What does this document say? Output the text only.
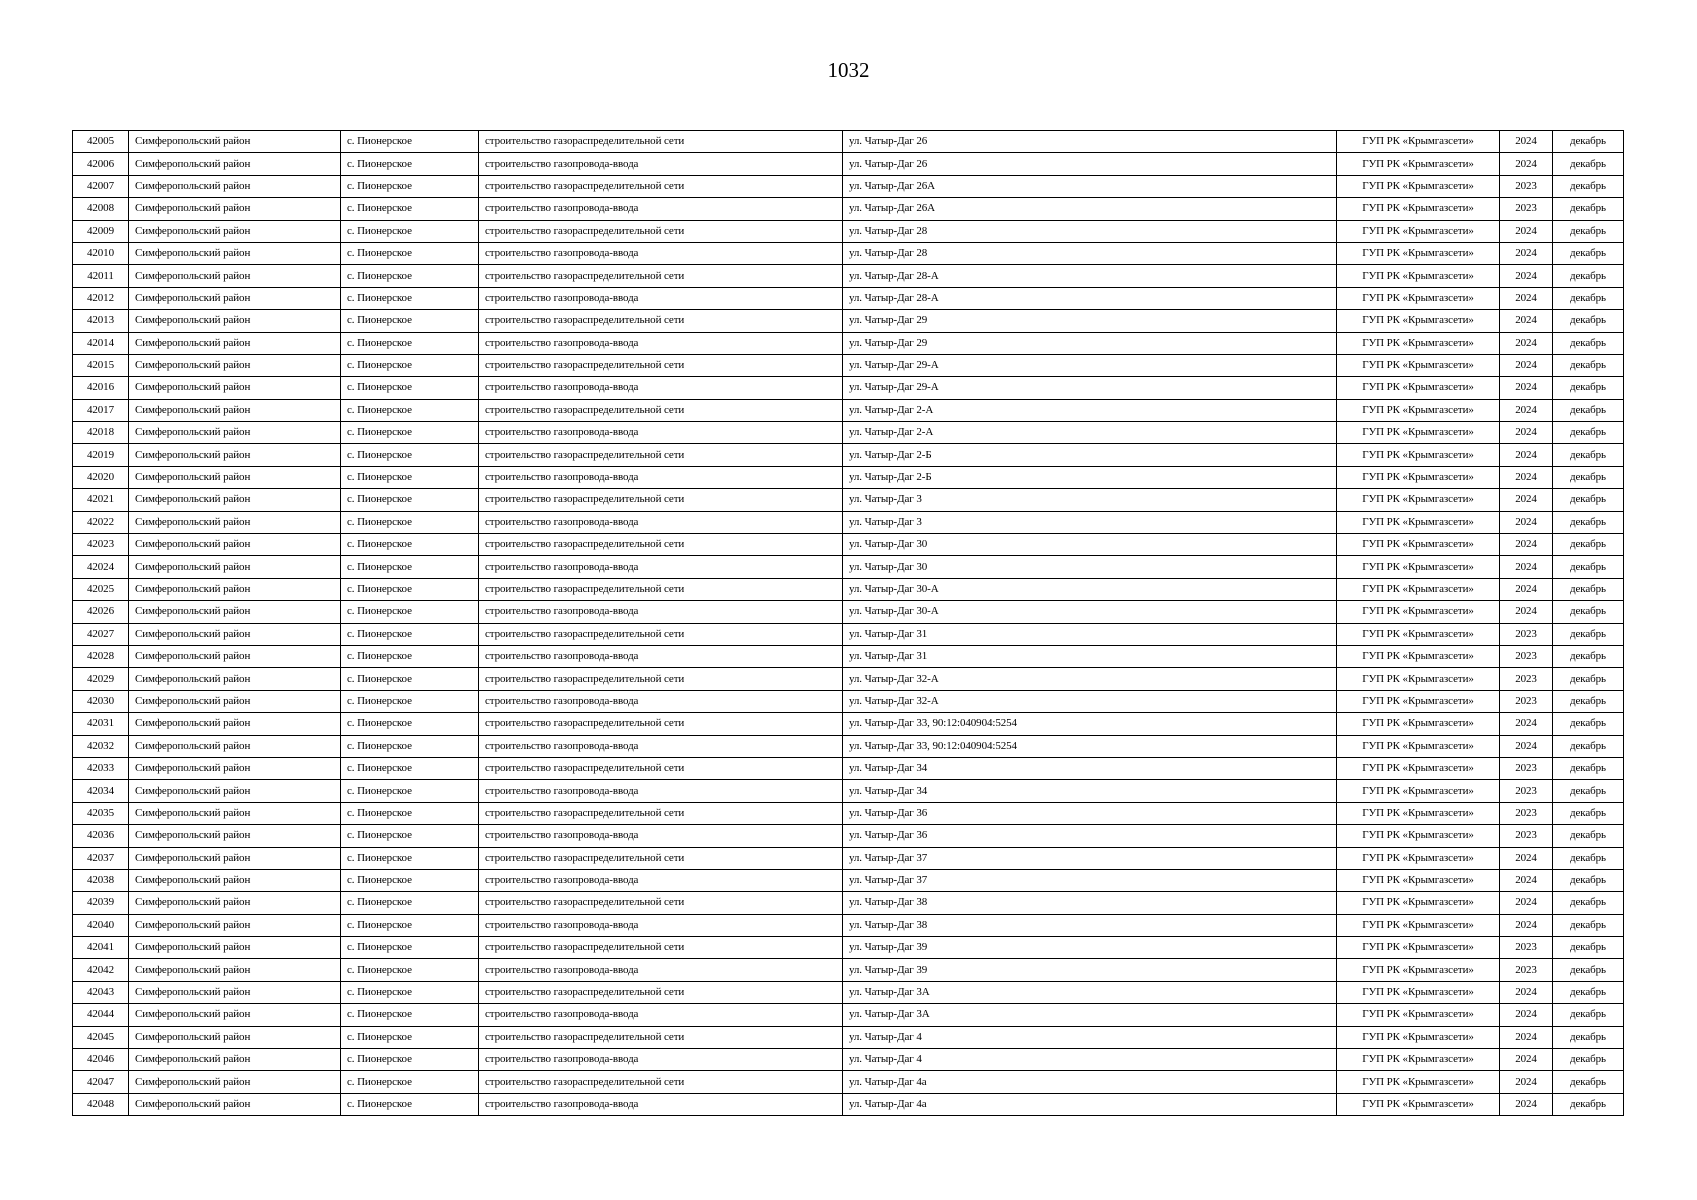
1032
42005	Симферопольский район	с. Пионерское	строительство газораспределительной сети	ул. Чатыр-Даг 26	ГУП РК «Крымгазсети»	2024	декабрь
42006	Симферопольский район	с. Пионерское	строительство газопровода-ввода	ул. Чатыр-Даг 26	ГУП РК «Крымгазсети»	2024	декабрь
42007	Симферопольский район	с. Пионерское	строительство газораспределительной сети	ул. Чатыр-Даг 26А	ГУП РК «Крымгазсети»	2023	декабрь
42008	Симферопольский район	с. Пионерское	строительство газопровода-ввода	ул. Чатыр-Даг 26А	ГУП РК «Крымгазсети»	2023	декабрь
42009	Симферопольский район	с. Пионерское	строительство газораспределительной сети	ул. Чатыр-Даг 28	ГУП РК «Крымгазсети»	2024	декабрь
42010	Симферопольский район	с. Пионерское	строительство газопровода-ввода	ул. Чатыр-Даг 28	ГУП РК «Крымгазсети»	2024	декабрь
42011	Симферопольский район	с. Пионерское	строительство газораспределительной сети	ул. Чатыр-Даг 28-А	ГУП РК «Крымгазсети»	2024	декабрь
42012	Симферопольский район	с. Пионерское	строительство газопровода-ввода	ул. Чатыр-Даг 28-А	ГУП РК «Крымгазсети»	2024	декабрь
42013	Симферопольский район	с. Пионерское	строительство газораспределительной сети	ул. Чатыр-Даг 29	ГУП РК «Крымгазсети»	2024	декабрь
42014	Симферопольский район	с. Пионерское	строительство газопровода-ввода	ул. Чатыр-Даг 29	ГУП РК «Крымгазсети»	2024	декабрь
42015	Симферопольский район	с. Пионерское	строительство газораспределительной сети	ул. Чатыр-Даг 29-А	ГУП РК «Крымгазсети»	2024	декабрь
42016	Симферопольский район	с. Пионерское	строительство газопровода-ввода	ул. Чатыр-Даг 29-А	ГУП РК «Крымгазсети»	2024	декабрь
42017	Симферопольский район	с. Пионерское	строительство газораспределительной сети	ул. Чатыр-Даг 2-А	ГУП РК «Крымгазсети»	2024	декабрь
42018	Симферопольский район	с. Пионерское	строительство газопровода-ввода	ул. Чатыр-Даг 2-А	ГУП РК «Крымгазсети»	2024	декабрь
42019	Симферопольский район	с. Пионерское	строительство газораспределительной сети	ул. Чатыр-Даг 2-Б	ГУП РК «Крымгазсети»	2024	декабрь
42020	Симферопольский район	с. Пионерское	строительство газопровода-ввода	ул. Чатыр-Даг 2-Б	ГУП РК «Крымгазсети»	2024	декабрь
42021	Симферопольский район	с. Пионерское	строительство газораспределительной сети	ул. Чатыр-Даг 3	ГУП РК «Крымгазсети»	2024	декабрь
42022	Симферопольский район	с. Пионерское	строительство газопровода-ввода	ул. Чатыр-Даг 3	ГУП РК «Крымгазсети»	2024	декабрь
42023	Симферопольский район	с. Пионерское	строительство газораспределительной сети	ул. Чатыр-Даг 30	ГУП РК «Крымгазсети»	2024	декабрь
42024	Симферопольский район	с. Пионерское	строительство газопровода-ввода	ул. Чатыр-Даг 30	ГУП РК «Крымгазсети»	2024	декабрь
42025	Симферопольский район	с. Пионерское	строительство газораспределительной сети	ул. Чатыр-Даг 30-А	ГУП РК «Крымгазсети»	2024	декабрь
42026	Симферопольский район	с. Пионерское	строительство газопровода-ввода	ул. Чатыр-Даг 30-А	ГУП РК «Крымгазсети»	2024	декабрь
42027	Симферопольский район	с. Пионерское	строительство газораспределительной сети	ул. Чатыр-Даг 31	ГУП РК «Крымгазсети»	2023	декабрь
42028	Симферопольский район	с. Пионерское	строительство газопровода-ввода	ул. Чатыр-Даг 31	ГУП РК «Крымгазсети»	2023	декабрь
42029	Симферопольский район	с. Пионерское	строительство газораспределительной сети	ул. Чатыр-Даг 32-А	ГУП РК «Крымгазсети»	2023	декабрь
42030	Симферопольский район	с. Пионерское	строительство газопровода-ввода	ул. Чатыр-Даг 32-А	ГУП РК «Крымгазсети»	2023	декабрь
42031	Симферопольский район	с. Пионерское	строительство газораспределительной сети	ул. Чатыр-Даг 33, 90:12:040904:5254	ГУП РК «Крымгазсети»	2024	декабрь
42032	Симферопольский район	с. Пионерское	строительство газопровода-ввода	ул. Чатыр-Даг 33, 90:12:040904:5254	ГУП РК «Крымгазсети»	2024	декабрь
42033	Симферопольский район	с. Пионерское	строительство газораспределительной сети	ул. Чатыр-Даг 34	ГУП РК «Крымгазсети»	2023	декабрь
42034	Симферопольский район	с. Пионерское	строительство газопровода-ввода	ул. Чатыр-Даг 34	ГУП РК «Крымгазсети»	2023	декабрь
42035	Симферопольский район	с. Пионерское	строительство газораспределительной сети	ул. Чатыр-Даг 36	ГУП РК «Крымгазсети»	2023	декабрь
42036	Симферопольский район	с. Пионерское	строительство газопровода-ввода	ул. Чатыр-Даг 36	ГУП РК «Крымгазсети»	2023	декабрь
42037	Симферопольский район	с. Пионерское	строительство газораспределительной сети	ул. Чатыр-Даг 37	ГУП РК «Крымгазсети»	2024	декабрь
42038	Симферопольский район	с. Пионерское	строительство газопровода-ввода	ул. Чатыр-Даг 37	ГУП РК «Крымгазсети»	2024	декабрь
42039	Симферопольский район	с. Пионерское	строительство газораспределительной сети	ул. Чатыр-Даг 38	ГУП РК «Крымгазсети»	2024	декабрь
42040	Симферопольский район	с. Пионерское	строительство газопровода-ввода	ул. Чатыр-Даг 38	ГУП РК «Крымгазсети»	2024	декабрь
42041	Симферопольский район	с. Пионерское	строительство газораспределительной сети	ул. Чатыр-Даг 39	ГУП РК «Крымгазсети»	2023	декабрь
42042	Симферопольский район	с. Пионерское	строительство газопровода-ввода	ул. Чатыр-Даг 39	ГУП РК «Крымгазсети»	2023	декабрь
42043	Симферопольский район	с. Пионерское	строительство газораспределительной сети	ул. Чатыр-Даг 3А	ГУП РК «Крымгазсети»	2024	декабрь
42044	Симферопольский район	с. Пионерское	строительство газопровода-ввода	ул. Чатыр-Даг 3А	ГУП РК «Крымгазсети»	2024	декабрь
42045	Симферопольский район	с. Пионерское	строительство газораспределительной сети	ул. Чатыр-Даг 4	ГУП РК «Крымгазсети»	2024	декабрь
42046	Симферопольский район	с. Пионерское	строительство газопровода-ввода	ул. Чатыр-Даг 4	ГУП РК «Крымгазсети»	2024	декабрь
42047	Симферопольский район	с. Пионерское	строительство газораспределительной сети	ул. Чатыр-Даг 4а	ГУП РК «Крымгазсети»	2024	декабрь
42048	Симферопольский район	с. Пионерское	строительство газопровода-ввода	ул. Чатыр-Даг 4а	ГУП РК «Крымгазсети»	2024	декабрь
